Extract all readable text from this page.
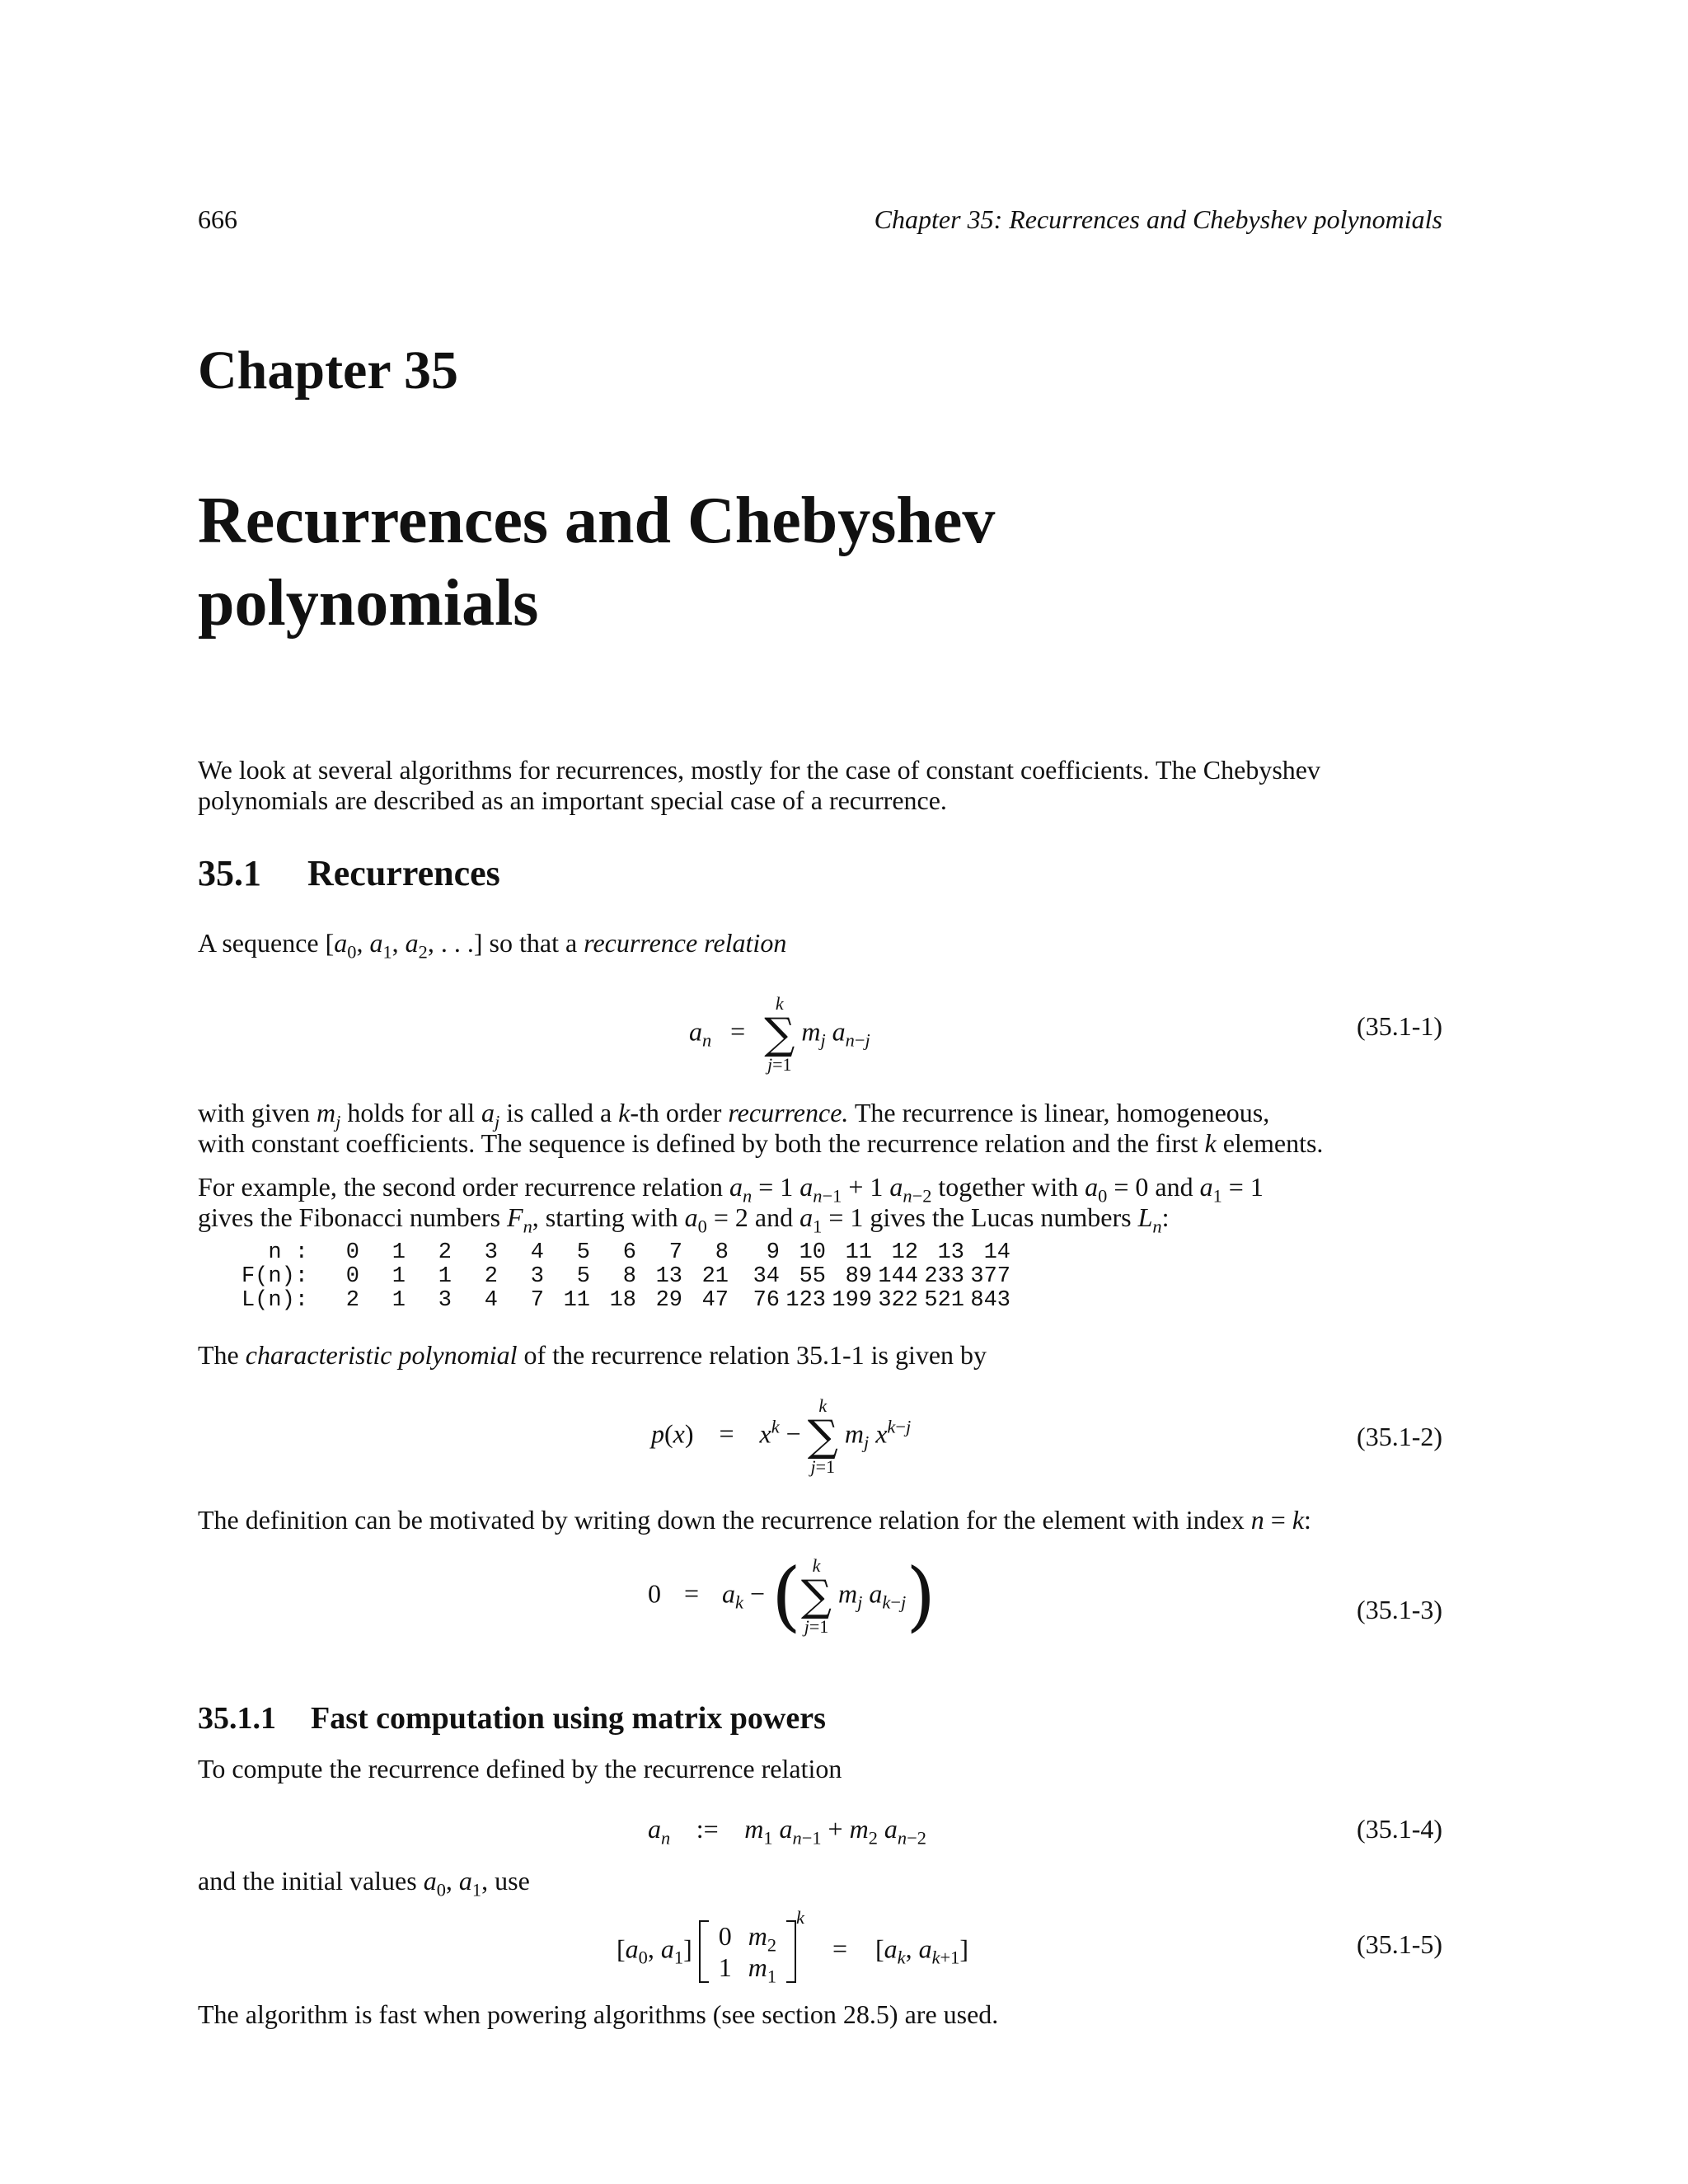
666	Chapter 35: Recurrences and Chebyshev polynomials
Chapter 35
Recurrences and Chebyshev
polynomials
We look at several algorithms for recurrences, mostly for the case of constant coefficients. The Chebyshev
polynomials are described as an important special case of a recurrence.
35.1 Recurrences
A sequence [$a_0$, $a_1$, $a_2$, . . .] so that a recurrence relation
$a_n$ =
k
∑
j=1
$m_j$ $a_{n-j}$	(35.1-1)
with given $m_j$ holds for all $a_j$ is called a k-th order recurrence. The recurrence is linear, homogeneous,
with constant coefficients. The sequence is defined by both the recurrence relation and the first k elements.
For example, the second order recurrence relation $a_n = 1$ $a_{n-1} + 1$ $a_{n-2}$ together with $a_0 = 0$ and $a_1 = 1$
gives the Fibonacci numbers $F_n$, starting with $a_0 = 2$ and $a_1 = 1$ gives the Lucas numbers $L_n$:
n :	0	1	2	3	4	5	6	7	8	9	10	11	12	13	14
F(n):	0	1	1	2	3	5	8	13	21	34	55	89	144	233	377
L(n):	2	1	3	4	7	11	18	29	47	76	123	199	322	521	843
The characteristic polynomial of the recurrence relation 35.1-1 is given by
$p(x) = x^k$ −
k
∑
j=1
$m_j$ $x^{k-j}$	(35.1-2)
The definition can be motivated by writing down the recurrence relation for the element with index n = k:
$0 = a_k$ − ( k
∑
j=1
$m_j$ $a_{k-j}$)	(35.1-3)
35.1.1 Fast computation using matrix powers
To compute the recurrence defined by the recurrence relation
$a_n$ := $m_1$ $a_{n-1} + m_2$ $a_{n-2}$	(35.1-4)
and the initial values $a_0$, $a_1$, use
[$a_0$, $a_1$] 0	$m_2$
1	$m_1$
$^k = [a_k$, $a_{k+1}$]	(35.1-5)
The algorithm is fast when powering algorithms (see section 28.5) are used.
